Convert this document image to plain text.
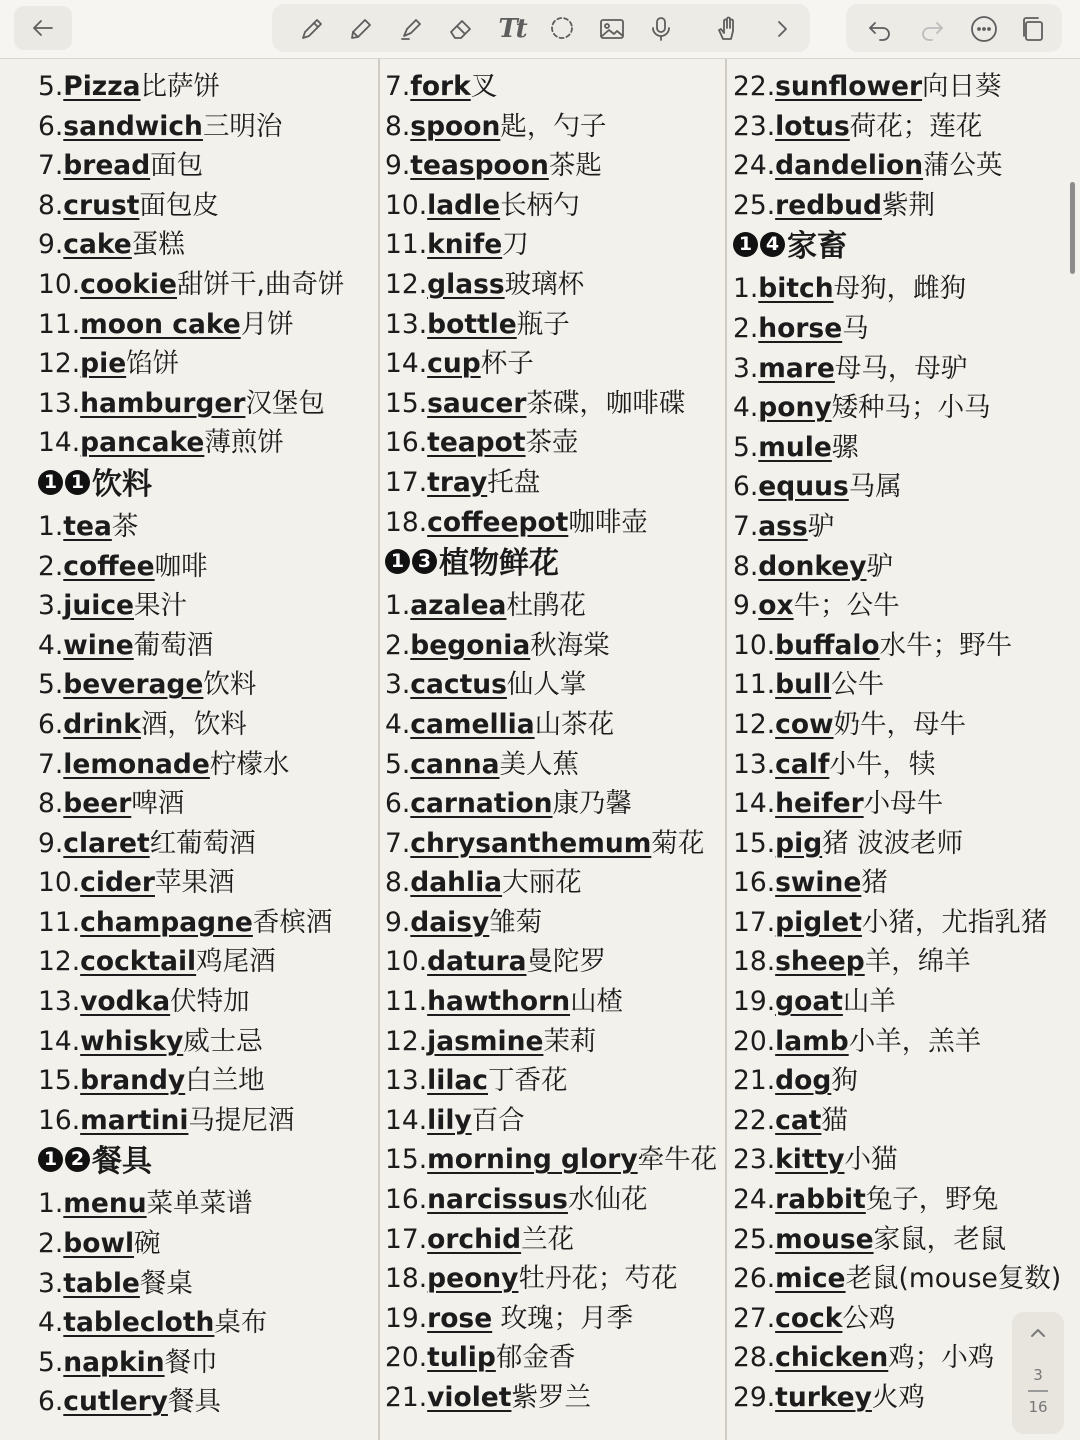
Tt
5.Pizza比萨饼
6.sandwich三明治
7.bread面包
8.crust面包皮
9.cake蛋糕
10.cookie甜饼干,曲奇饼
11.moon cake月饼
12.pie馅饼
13.hamburger汉堡包
14.pancake薄煎饼
1 1 饮料
1.tea茶
2.coffee咖啡
3.juice果汁
4.wine葡萄酒
5.beverage饮料
6.drink酒，饮料
7.lemonade柠檬水
8.beer啤酒
9.claret红葡萄酒
10.cider苹果酒
11.champagne香槟酒
12.cocktail鸡尾酒
13.vodka伏特加
14.whisky威士忌
15.brandy白兰地
16.martini马提尼酒
1 2 餐具
1.menu菜单菜谱
2.bowl碗
3.table餐桌
4.tablecloth桌布
5.napkin餐巾
6.cutlery餐具
7.fork叉
8.spoon匙，勺子
9.teaspoon茶匙
10.ladle长柄勺
11.knife刀
12.glass玻璃杯
13.bottle瓶子
14.cup杯子
15.saucer茶碟，咖啡碟
16.teapot茶壶
17.tray托盘
18.coffeepot咖啡壶
1 3 植物鲜花
1.azalea杜鹃花
2.begonia秋海棠
3.cactus仙人掌
4.camellia山茶花
5.canna美人蕉
6.carnation康乃馨
7.chrysanthemum菊花
8.dahlia大丽花
9.daisy雏菊
10.datura曼陀罗
11.hawthorn山楂
12.jasmine茉莉
13.lilac丁香花
14.lily百合
15.morning glory牵牛花
16.narcissus水仙花
17.orchid兰花
18.peony牡丹花；芍花
19.rose 玫瑰；月季
20.tulip郁金香
21.violet紫罗兰
22.sunflower向日葵
23.lotus荷花；莲花
24.dandelion蒲公英
25.redbud紫荆
1 4 家畜
1.bitch母狗，雌狗
2.horse马
3.mare母马，母驴
4.pony矮种马；小马
5.mule骡
6.equus马属
7.ass驴
8.donkey驴
9.ox牛；公牛
10.buffalo水牛；野牛
11.bull公牛
12.cow奶牛，母牛
13.calf小牛，犊
14.heifer小母牛
15.pig猪 波波老师
16.swine猪
17.piglet小猪，尤指乳猪
18.sheep羊，绵羊
19.goat山羊
20.lamb小羊，羔羊
21.dog狗
22.cat猫
23.kitty小猫
24.rabbit兔子，野兔
25.mouse家鼠，老鼠
26.mice老鼠(mouse复数)
27.cock公鸡
28.chicken鸡；小鸡
29.turkey火鸡
3
16
